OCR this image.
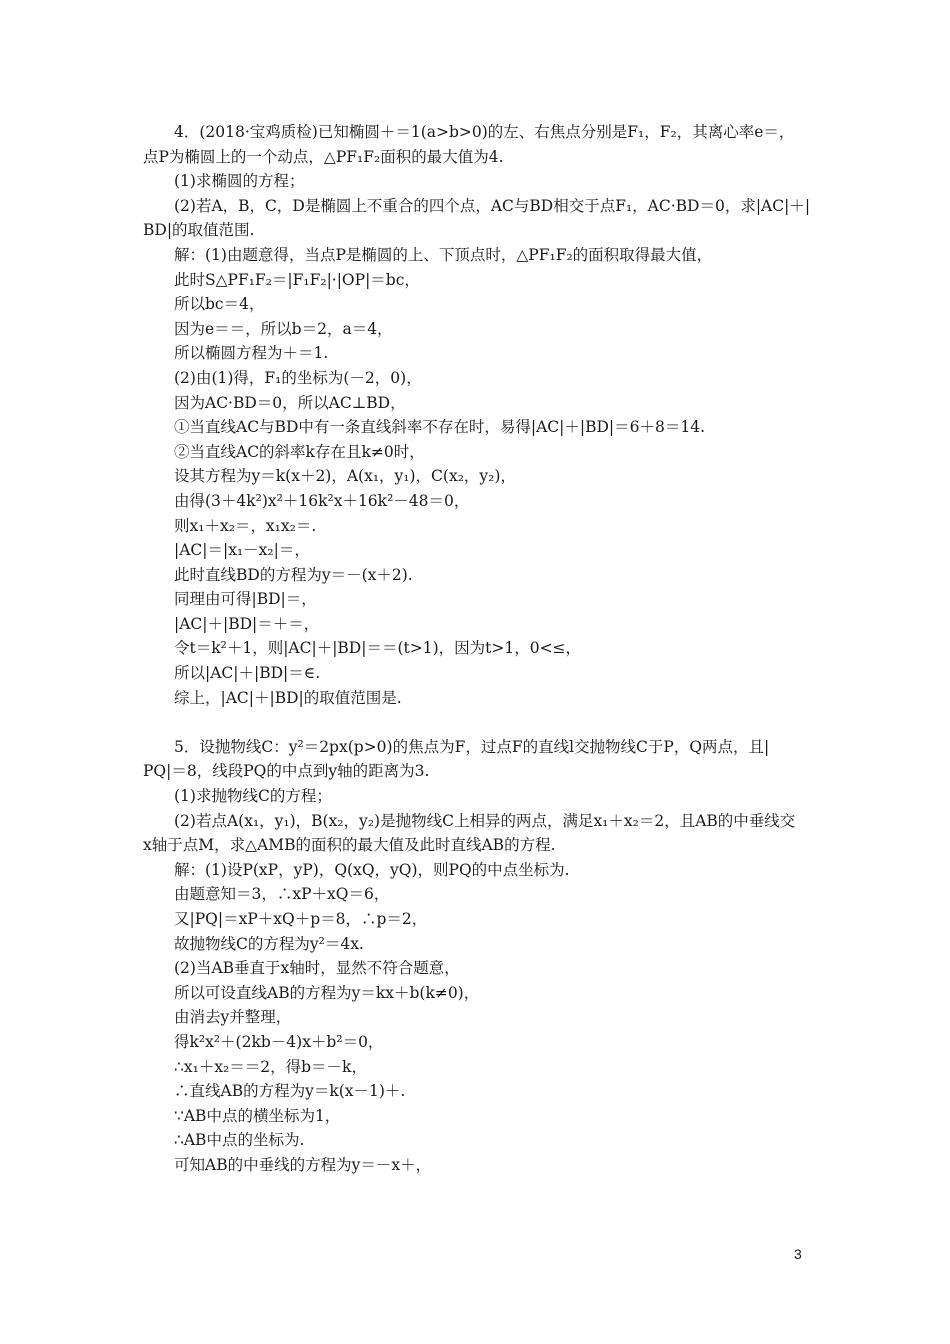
4．(2018·宝鸡质检)已知椭圆＋＝1(a>b>0)的左、右焦点分别是F₁，F₂，其离心率e＝，
点P为椭圆上的一个动点，△PF₁F₂面积的最大值为4.
(1)求椭圆的方程；
(2)若A，B，C，D是椭圆上不重合的四个点，AC与BD相交于点F₁，AC·BD＝0，求|AC|＋|
BD|的取值范围.
解：(1)由题意得，当点P是椭圆的上、下顶点时，△PF₁F₂的面积取得最大值，
此时S△PF₁F₂＝|F₁F₂|·|OP|＝bc，
所以bc＝4，
因为e＝＝，所以b＝2，a＝4，
所以椭圆方程为＋＝1.
(2)由(1)得，F₁的坐标为(－2，0)，
因为AC·BD＝0，所以AC⊥BD，
①当直线AC与BD中有一条直线斜率不存在时，易得|AC|＋|BD|＝6＋8＝14.
②当直线AC的斜率k存在且k≠0时，
设其方程为y＝k(x＋2)，A(x₁，y₁)，C(x₂，y₂)，
由得(3＋4k²)x²＋16k²x＋16k²－48＝0，
则x₁＋x₂＝，x₁x₂＝.
|AC|＝|x₁－x₂|＝，
此时直线BD的方程为y＝－(x＋2).
同理由可得|BD|＝，
|AC|＋|BD|＝＋＝，
令t＝k²＋1，则|AC|＋|BD|＝＝(t>1)，因为t>1，0<≤，
所以|AC|＋|BD|＝∈.
综上，|AC|＋|BD|的取值范围是.
5．设抛物线C：y²＝2px(p>0)的焦点为F，过点F的直线l交抛物线C于P，Q两点，且|
PQ|＝8，线段PQ的中点到y轴的距离为3.
(1)求抛物线C的方程；
(2)若点A(x₁，y₁)，B(x₂，y₂)是抛物线C上相异的两点，满足x₁＋x₂＝2，且AB的中垂线交
x轴于点M，求△AMB的面积的最大值及此时直线AB的方程.
解：(1)设P(xP，yP)，Q(xQ，yQ)，则PQ的中点坐标为.
由题意知＝3，∴xP＋xQ＝6，
又|PQ|＝xP＋xQ＋p＝8，∴p＝2，
故抛物线C的方程为y²＝4x.
(2)当AB垂直于x轴时，显然不符合题意，
所以可设直线AB的方程为y＝kx＋b(k≠0)，
由消去y并整理，
得k²x²＋(2kb－4)x＋b²＝0，
∴x₁＋x₂＝＝2，得b＝－k，
∴直线AB的方程为y＝k(x－1)＋.
∵AB中点的横坐标为1，
∴AB中点的坐标为.
可知AB的中垂线的方程为y＝－x＋，
3
